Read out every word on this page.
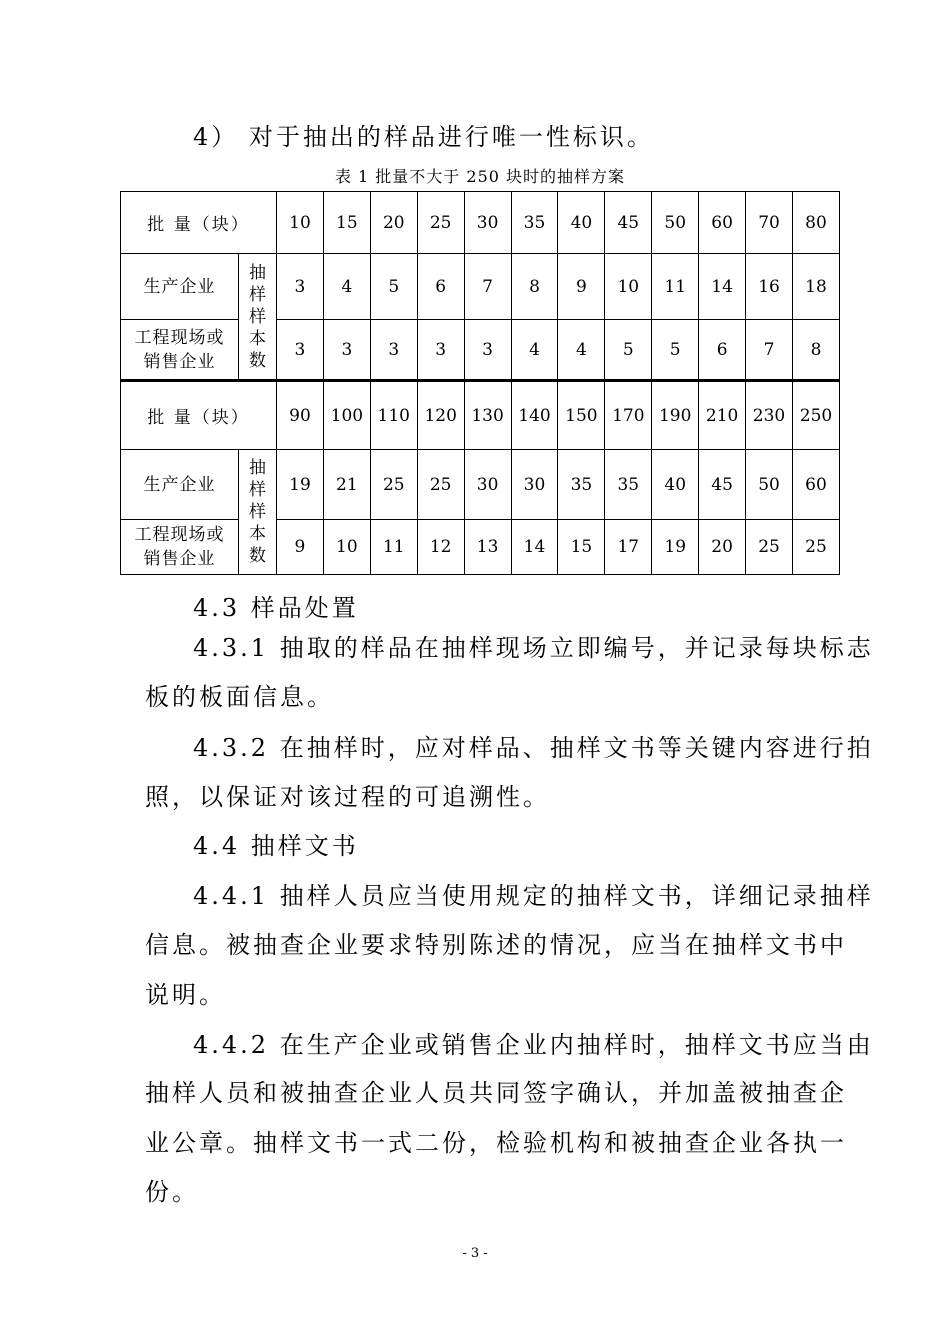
4） 对于抽出的样品进行唯一性标识。
表 1 批量不大于 250 块时的抽样方案
批 量（块）		10	15	20	25	30	35	40	45	50	60	70	80
生产企业	抽
样
样
本
数	3	4	5	6	7	8	9	10	11	14	16	18
工程现场或
销售企业		3	3	3	3	3	4	4	5	5	6	7	8
批 量（块）		90	100	110	120	130	140	150	170	190	210	230	250
生产企业	抽
样
样
本
数	19	21	25	25	30	30	35	35	40	45	50	60
工程现场或
销售企业		9	10	11	12	13	14	15	17	19	20	25	25
4.3 样品处置
4.3.1 抽取的样品在抽样现场立即编号，并记录每块标志
板的板面信息。
4.3.2 在抽样时，应对样品、抽样文书等关键内容进行拍
照，以保证对该过程的可追溯性。
4.4 抽样文书
4.4.1 抽样人员应当使用规定的抽样文书，详细记录抽样
信息。被抽查企业要求特别陈述的情况，应当在抽样文书中
说明。
4.4.2 在生产企业或销售企业内抽样时，抽样文书应当由
抽样人员和被抽查企业人员共同签字确认，并加盖被抽查企
业公章。抽样文书一式二份，检验机构和被抽查企业各执一
份。
- 3 -
